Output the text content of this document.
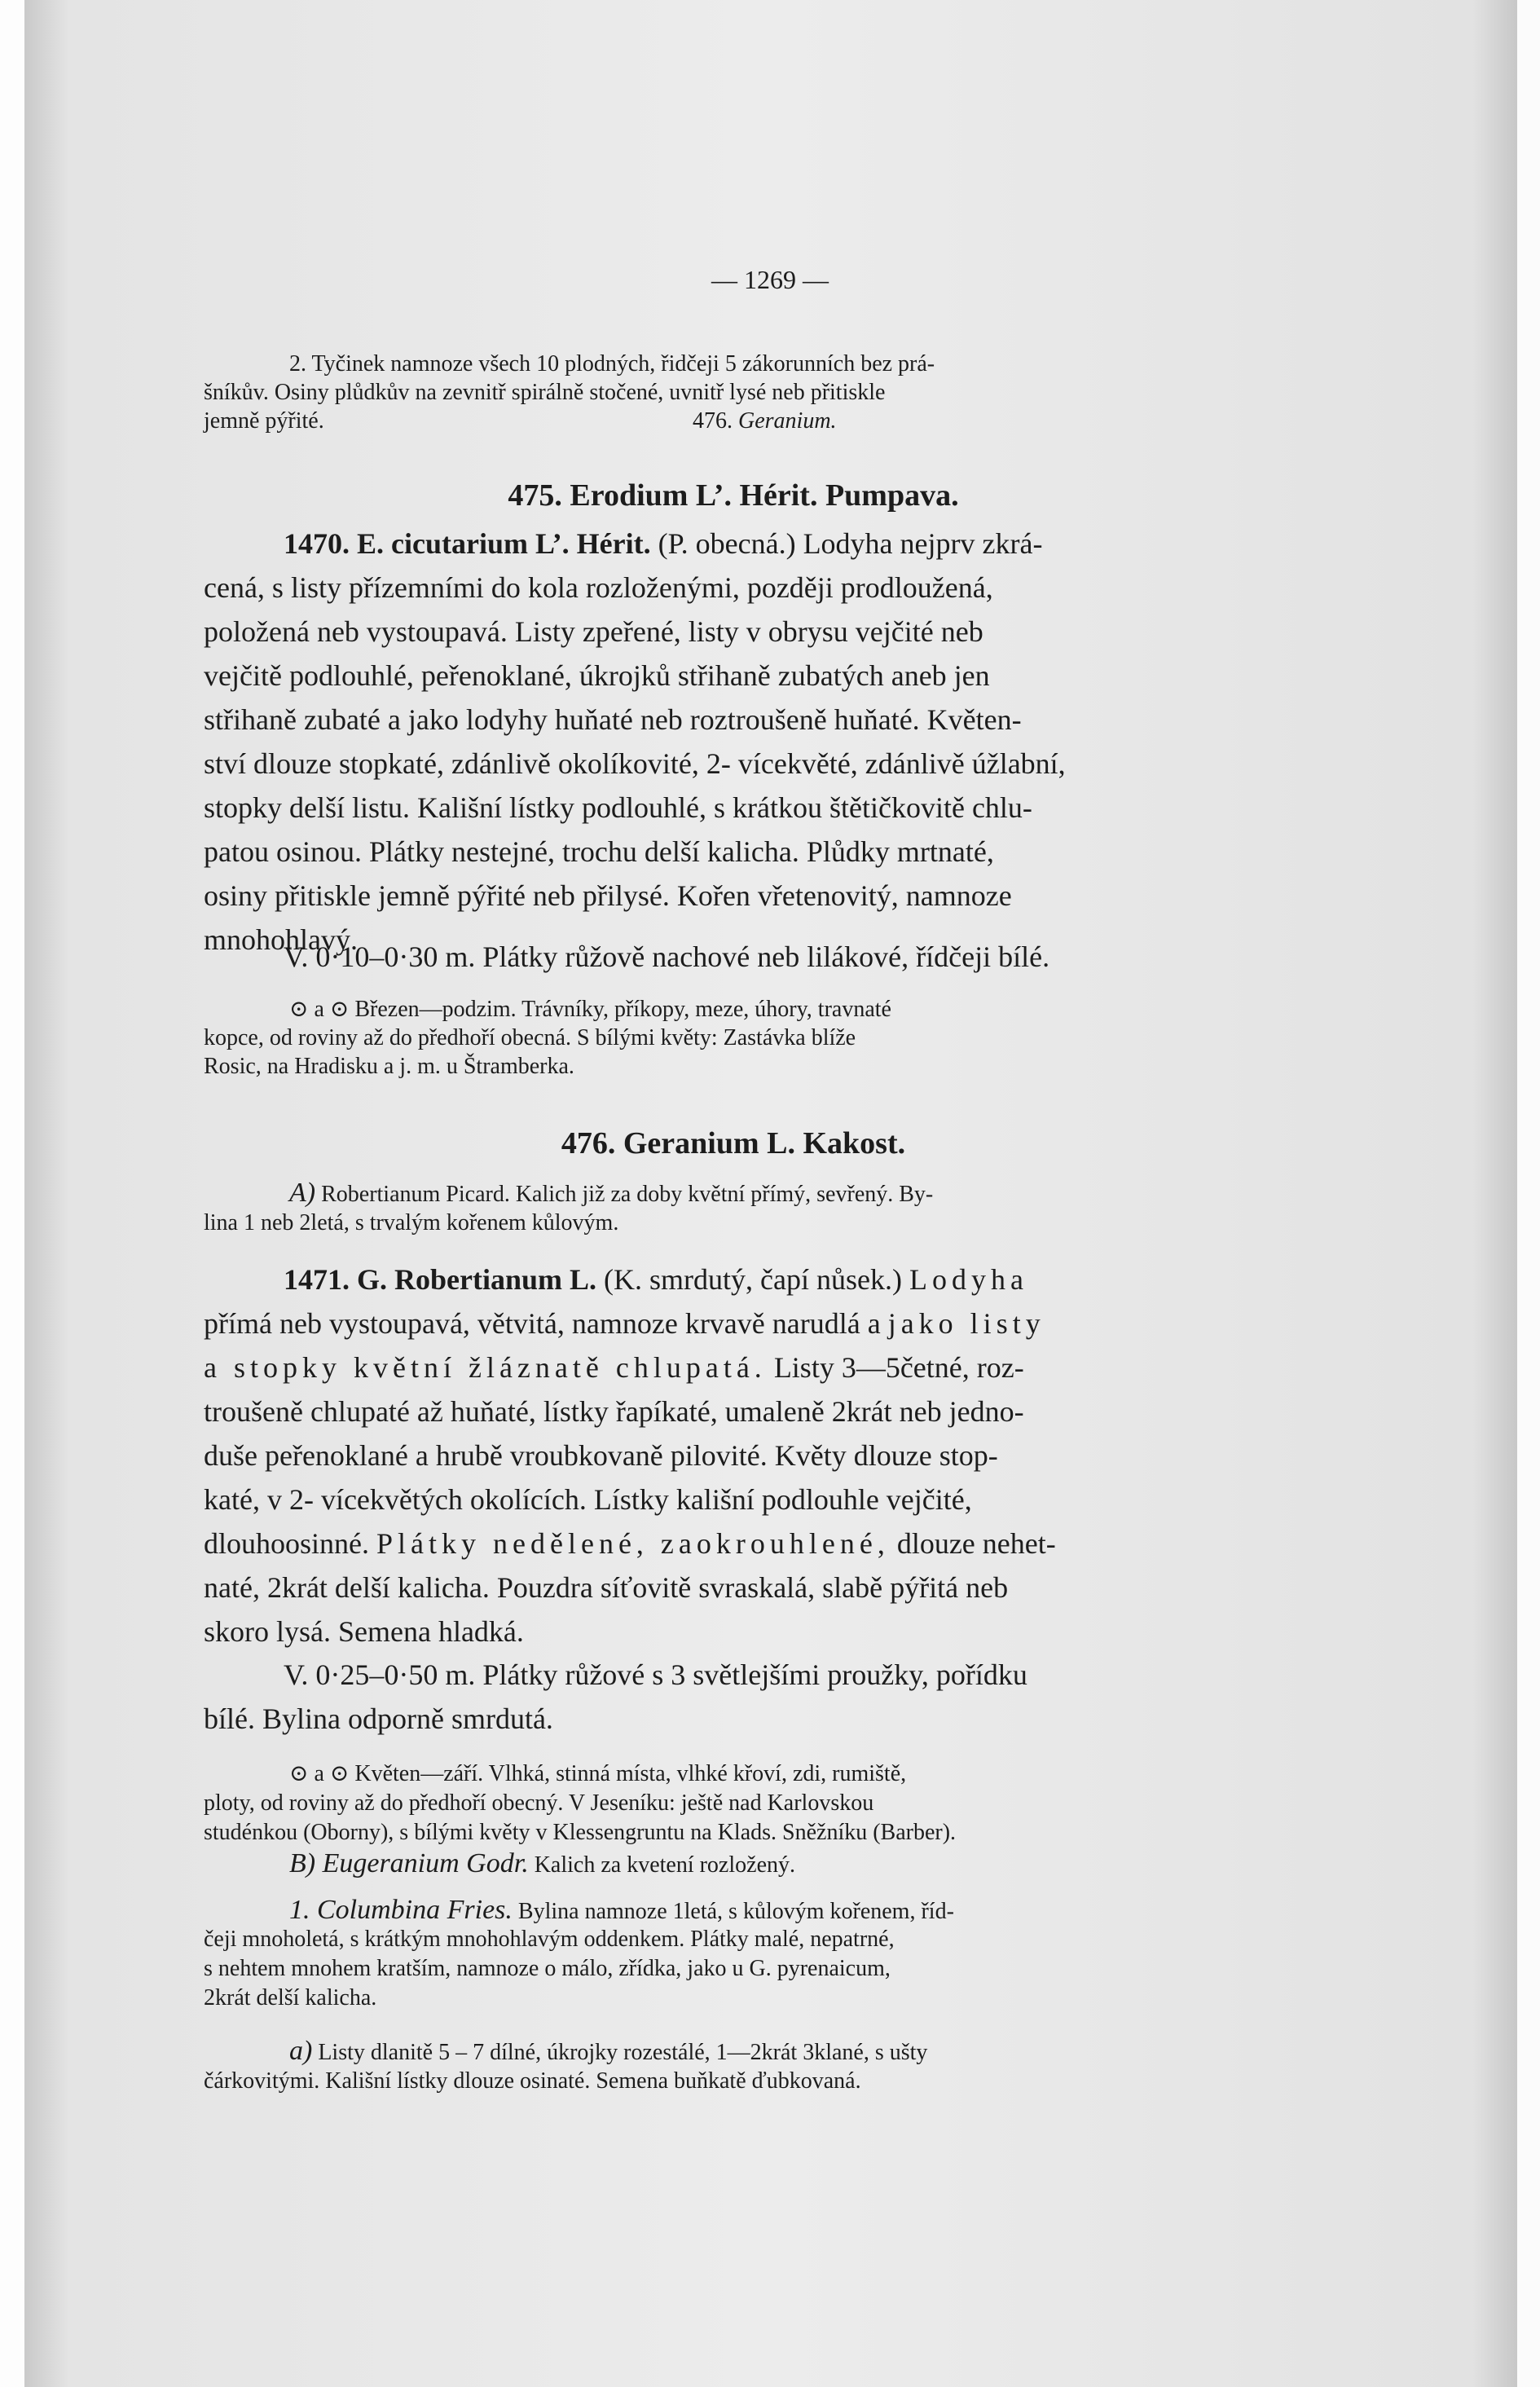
— 1269 —
2. Tyčinek namnoze všech 10 plodných, řidčeji 5 zákorunních bez prá-
šníkův. Osiny plůdkův na zevnitř spirálně stočené, uvnitř lysé neb přitiskle
jemně pýřité.	476. Geranium.
475. Erodium L’. Hérit. Pumpava.
1470. E. cicutarium L’. Hérit. (P. obecná.) Lodyha nejprv zkrá-
cená, s listy přízemními do kola rozloženými, později prodloužená,
položená neb vystoupavá. Listy zpeřené, listy v obrysu vejčité neb
vejčitě podlouhlé, peřenoklané, úkrojků střihaně zubatých aneb jen
střihaně zubaté a jako lodyhy huňaté neb roztroušeně huňaté. Květen-
ství dlouze stopkaté, zdánlivě okolíkovité, 2- vícekvěté, zdánlivě úžlabní,
stopky delší listu. Kališní lístky podlouhlé, s krátkou štětičkovitě chlu-
patou osinou. Plátky nestejné, trochu delší kalicha. Plůdky mrtnaté,
osiny přitiskle jemně pýřité neb přilysé. Kořen vřetenovitý, namnoze
mnohohlavý.
V. 0·10–0·30 m. Plátky růžově nachové neb lilákové, řídčeji bílé.
⊙ a ⊙ Březen—podzim. Trávníky, příkopy, meze, úhory, travnaté
kopce, od roviny až do předhoří obecná. S bílými květy: Zastávka blíže
Rosic, na Hradisku a j. m. u Štramberka.
476. Geranium L. Kakost.
A) Robertianum Picard. Kalich již za doby květní přímý, sevřený. By-
lina 1 neb 2letá, s trvalým kořenem kůlovým.
1471. G. Robertianum L. (K. smrdutý, čapí nůsek.) Lodyha
přímá neb vystoupavá, větvitá, namnoze krvavě narudlá a jako listy
a stopky květní žláznatě chlupatá. Listy 3—5četné, roz-
troušeně chlupaté až huňaté, lístky řapíkaté, umaleně 2krát neb jedno-
duše peřenoklané a hrubě vroubkovaně pilovité. Květy dlouze stop-
katé, v 2- vícekvětých okolících. Lístky kališní podlouhle vejčité,
dlouhoosinné. Plátky nedělené, zaokrouhlené, dlouze nehet-
naté, 2krát delší kalicha. Pouzdra síťovitě svraskalá, slabě pýřitá neb
skoro lysá. Semena hladká.
V. 0·25–0·50 m. Plátky růžové s 3 světlejšími proužky, pořídku
bílé. Bylina odporně smrdutá.
⊙ a ⊙ Květen—září. Vlhká, stinná místa, vlhké křoví, zdi, rumiště,
ploty, od roviny až do předhoří obecný. V Jeseníku: ještě nad Karlovskou
studénkou (Oborny), s bílými květy v Klessengruntu na Klads. Sněžníku (Barber).
B) Eugeranium Godr. Kalich za kvetení rozložený.
1. Columbina Fries. Bylina namnoze 1letá, s kůlovým kořenem, říd-
čeji mnoholetá, s krátkým mnohohlavým oddenkem. Plátky malé, nepatrné,
s nehtem mnohem kratším, namnoze o málo, zřídka, jako u G. pyrenaicum,
2krát delší kalicha.
a) Listy dlanitě 5 – 7 dílné, úkrojky rozestálé, 1—2krát 3klané, s ušty
čárkovitými. Kališní lístky dlouze osinaté. Semena buňkatě ďubkovaná.
